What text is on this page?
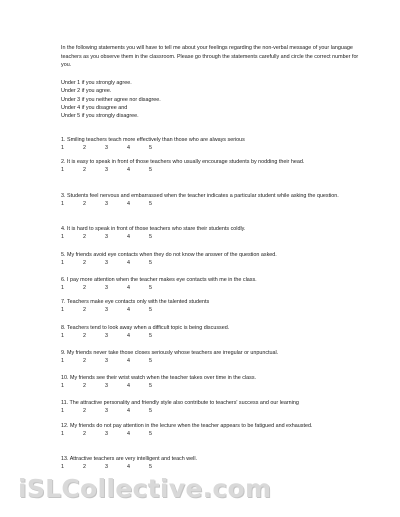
In the following statements you will have to tell me about your feelings regarding the non-verbal message of your language teachers as you observe them in the classroom. Please go through the statements carefully and circle the correct number for you.
Under 1 if you strongly agree.
Under 2 if you agree.
Under 3 if you neither agree nor disagree.
Under 4 if you disagree and
Under 5 if you strongly disagree.
1. Smiling teachers teach more effectively than those who are always serious
1	2	3	4	5
2. It is easy to speak in front of those teachers who usually encourage students by nodding their head.
1	2	3	4	5
3. Students feel nervous and embarrassed when the teacher indicates a particular student while asking the question.
1	2	3	4	5
4. It is hard to speak in front of those teachers who stare their students coldly.
1	2	3	4	5
5. My friends avoid eye contacts when they do not know the answer of the question asked.
1	2	3	4	5
6. I pay more attention when the teacher makes eye contacts with me in the class.
1	2	3	4	5
7. Teachers make eye contacts only with the talented students
1	2	3	4	5
8. Teachers tend to look away when a difficult topic is being discussed.
1	2	3	4	5
9. My friends never take those closes seriously whose teachers are irregular or unpunctual.
1	2	3	4	5
10. My friends see their wrist watch when the teacher takes over time in the class.
1	2	3	4	5
11. The attractive personality and friendly style also contribute to teachers' success and our learning
1	2	3	4	5
12. My friends do not pay attention in the lecture when the teacher appears to be fatigued and exhausted.
1	2	3	4	5
13. Attractive teachers are very intelligent and teach well.
1	2	3	4	5
iSLCollective.com
